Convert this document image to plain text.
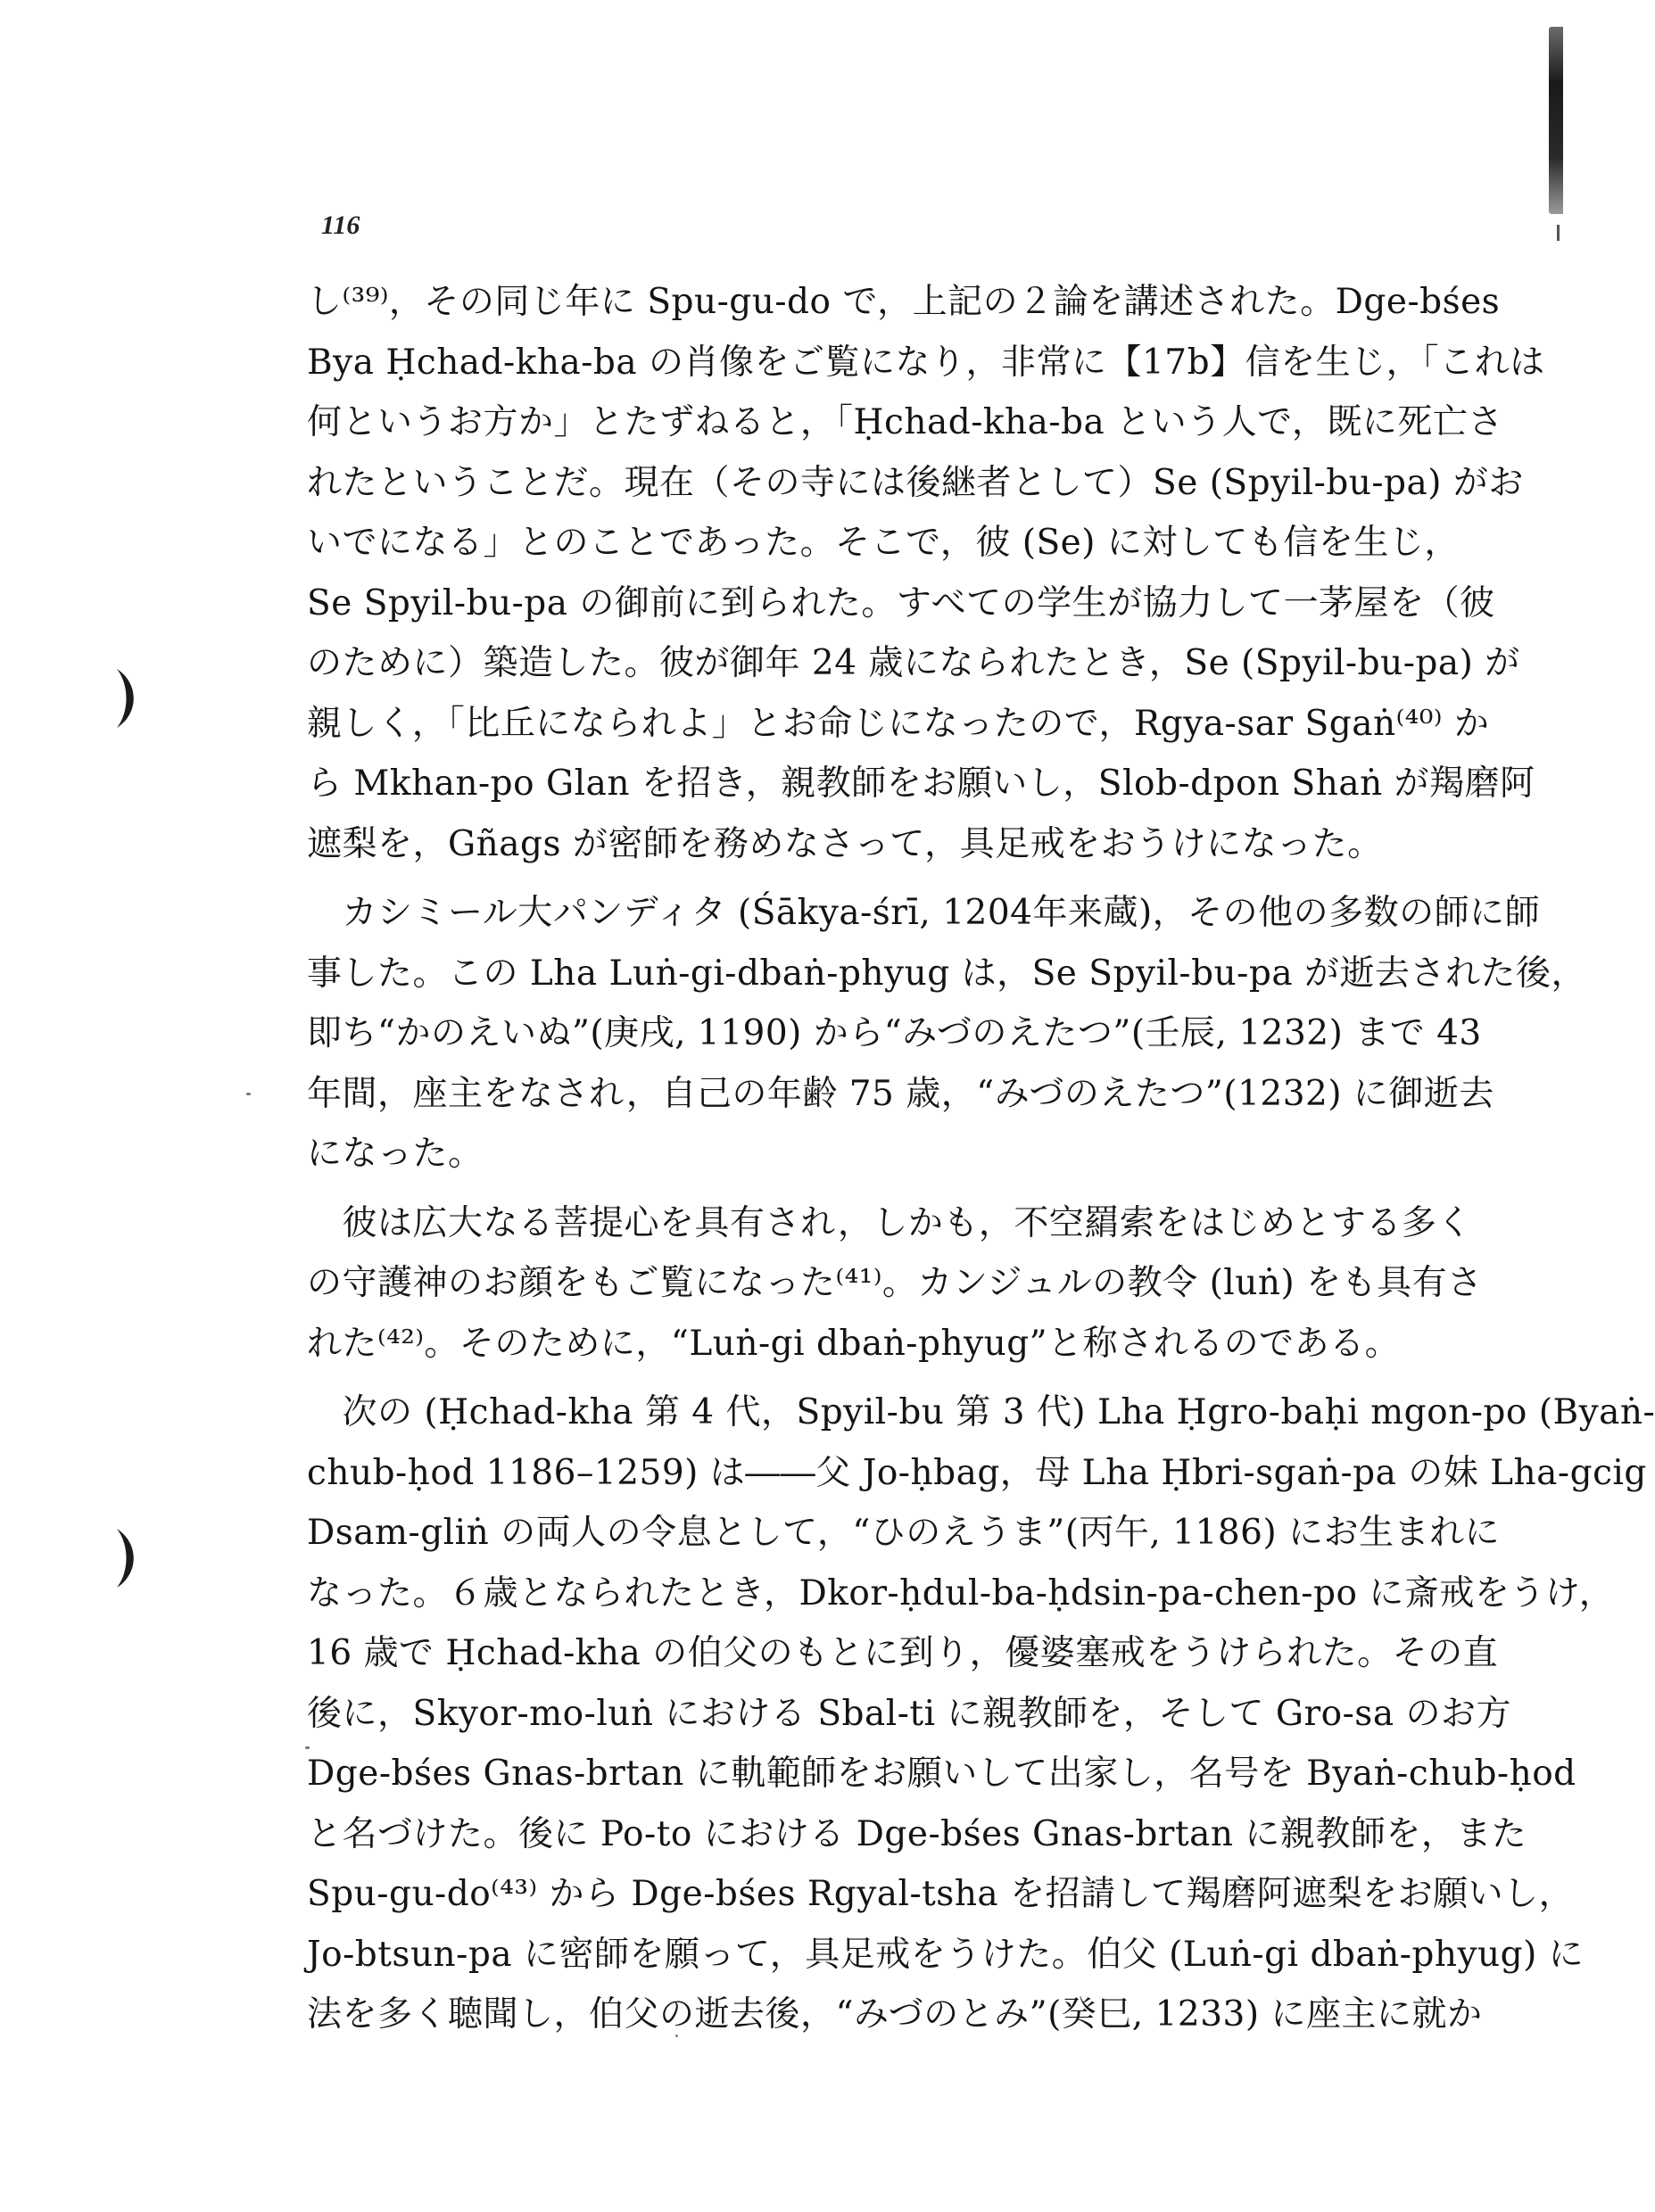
116
し⁽³⁹⁾，その同じ年に Spu-gu-do で，上記の２論を講述された。Dge-bśes
Bya Ḥchad-kha-ba の肖像をご覧になり，非常に【17b】信を生じ，「これは
何というお方か」とたずねると，「Ḥchad-kha-ba という人で，既に死亡さ
れたということだ。現在（その寺には後継者として）Se (Spyil-bu-pa) がお
いでになる」とのことであった。そこで，彼 (Se) に対しても信を生じ，
Se Spyil-bu-pa の御前に到られた。すべての学生が協力して一茅屋を（彼
のために）築造した。彼が御年 24 歳になられたとき，Se (Spyil-bu-pa) が
親しく，「比丘になられよ」とお命じになったので，Rgya-sar Sgaṅ⁽⁴⁰⁾ か
ら Mkhan-po Glan を招き，親教師をお願いし，Slob-dpon Shaṅ が羯磨阿
遮梨を，Gñags が密師を務めなさって，具足戒をおうけになった。
　カシミール大パンディタ (Śākya-śrī, 1204年来蔵)，その他の多数の師に師
事した。この Lha Luṅ-gi-dbaṅ-phyug は，Se Spyil-bu-pa が逝去された後，
即ち“かのえいぬ”(庚戌, 1190) から“みづのえたつ”(壬辰, 1232) まで 43
年間，座主をなされ，自己の年齢 75 歳，“みづのえたつ”(1232) に御逝去
になった。
　彼は広大なる菩提心を具有され，しかも，不空羂索をはじめとする多く
の守護神のお顔をもご覧になった⁽⁴¹⁾。カンジュルの教令 (luṅ) をも具有さ
れた⁽⁴²⁾。そのために，“Luṅ-gi dbaṅ-phyug”と称されるのである。
　次の (Ḥchad-kha 第 4 代，Spyil-bu 第 3 代) Lha Ḥgro-baḥi mgon-po (Byaṅ-
chub-ḥod 1186–1259) は――父 Jo-ḥbag，母 Lha Ḥbri-sgaṅ-pa の妹 Lha-gcig
Dsam-gliṅ の両人の令息として，“ひのえうま”(丙午, 1186) にお生まれに
なった。６歳となられたとき，Dkor-ḥdul-ba-ḥdsin-pa-chen-po に斎戒をうけ，
16 歳で Ḥchad-kha の伯父のもとに到り，優婆塞戒をうけられた。その直
後に，Skyor-mo-luṅ における Sbal-ti に親教師を，そして Gro-sa のお方
Dge-bśes Gnas-brtan に軌範師をお願いして出家し，名号を Byaṅ-chub-ḥod
と名づけた。後に Po-to における Dge-bśes Gnas-brtan に親教師を，また
Spu-gu-do⁽⁴³⁾ から Dge-bśes Rgyal-tsha を招請して羯磨阿遮梨をお願いし，
Jo-btsun-pa に密師を願って，具足戒をうけた。伯父 (Luṅ-gi dbaṅ-phyug) に
法を多く聴聞し，伯父の逝去後，“みづのとみ”(癸巳, 1233) に座主に就か
